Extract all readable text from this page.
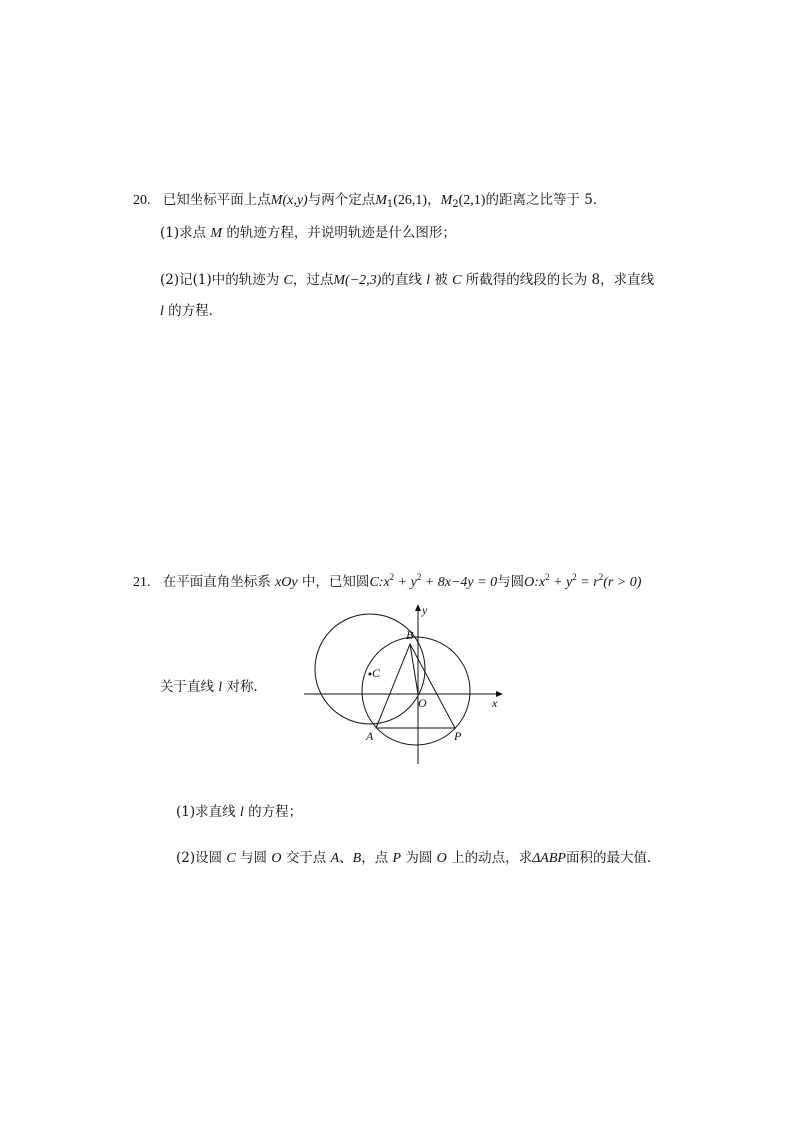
20. 已知坐标平面上点M(x,y)与两个定点$M_1(26,1)$，$M_2(2,1)$的距离之比等于 5．
(1)求点 M 的轨迹方程，并说明轨迹是什么图形；
(2)记(1)中的轨迹为 C，过点M(−2,3)的直线 l 被 C 所截得的线段的长为 8，求直线
l 的方程．
21. 在平面直角坐标系 xOy 中，已知圆$C:x^2 + y^2 + 8x-4y = 0$与圆$O:x^2 + y^2 = r^2(r > 0)$
关于直线 l 对称．
y
x
B
C
O
A	P
(1)求直线 l 的方程；
(2)设圆 C 与圆 O 交于点 A、B，点 P 为圆 O 上的动点，求ΔABP面积的最大值．
